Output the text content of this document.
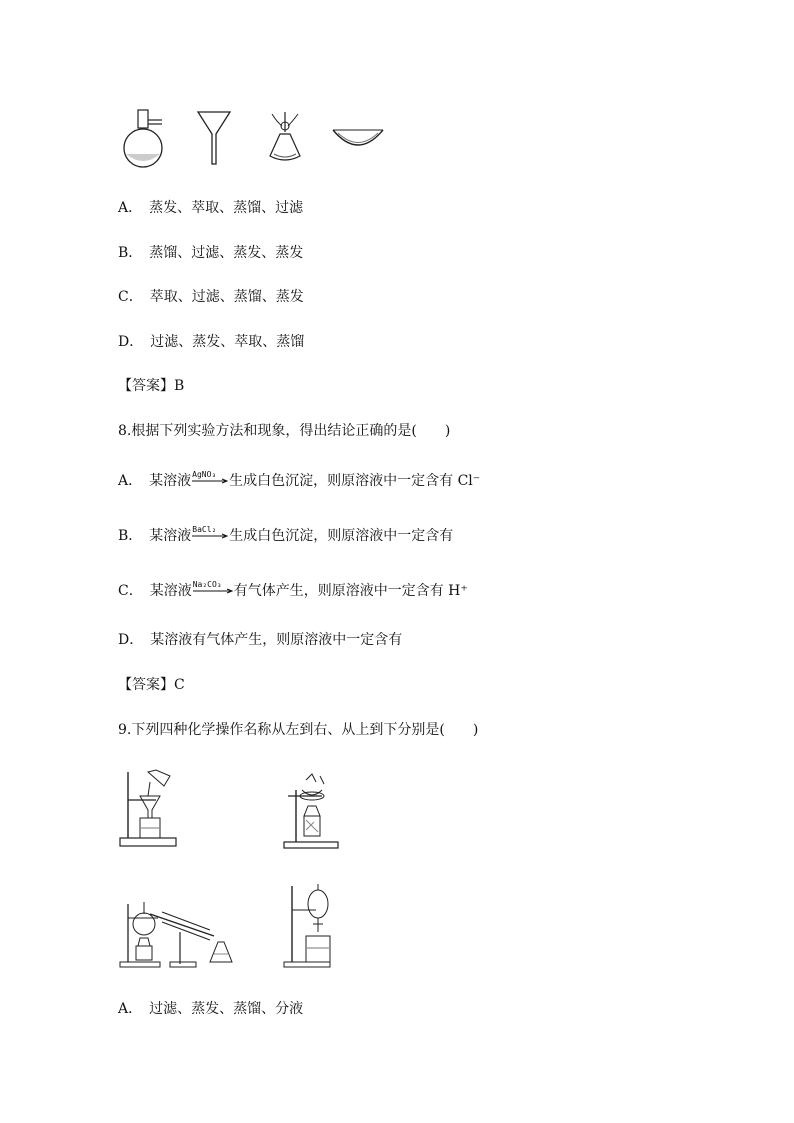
A．　 蒸发、萃取、蒸馏、过滤
B．　 蒸馏、过滤、蒸发、蒸发
C．　 萃取、过滤、蒸馏、蒸发
D．　 过滤、蒸发、萃取、蒸馏
【答案】B
8.根据下列实验方法和现象，得出结论正确的是(　　)
A．　 某溶液 AgNO₃ 生成白色沉淀，则原溶液中一定含有 Cl⁻
B．　 某溶液 BaCl₂ 生成白色沉淀，则原溶液中一定含有
C．　 某溶液 Na₂CO₃ 有气体产生，则原溶液中一定含有 H⁺
D．　 某溶液有气体产生，则原溶液中一定含有
【答案】C
9.下列四种化学操作名称从左到右、从上到下分别是(　　)
A．　 过滤、蒸发、蒸馏、分液
